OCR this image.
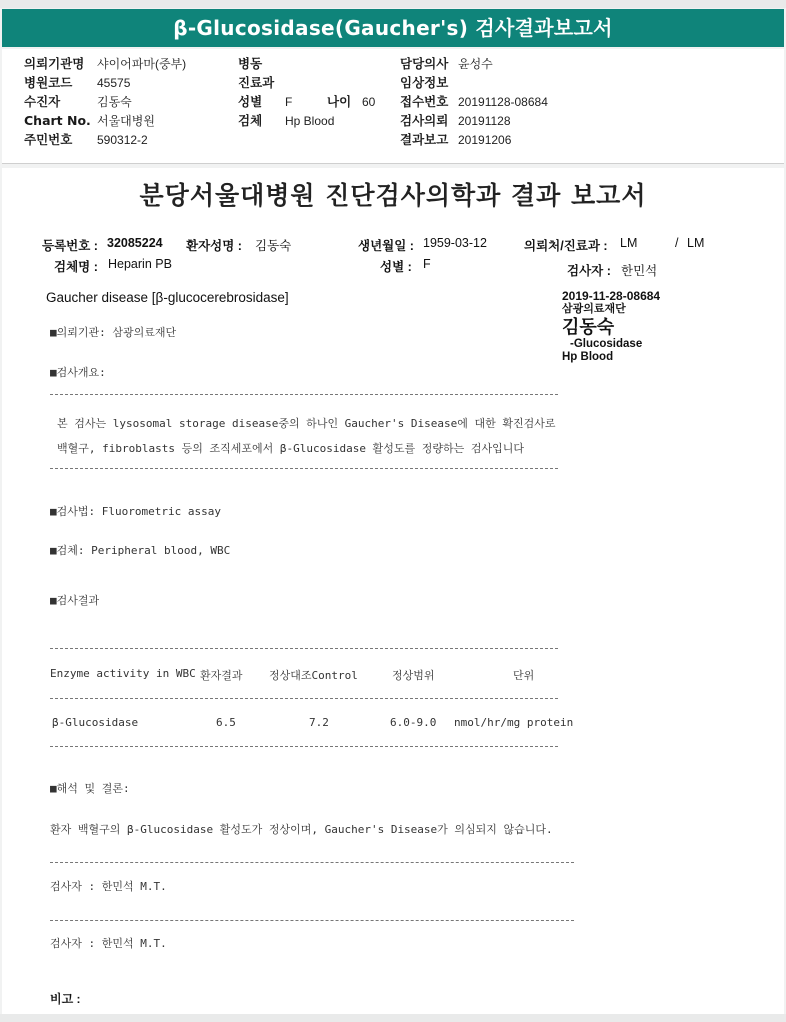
β-Glucosidase(Gaucher's) 검사결과보고서
의뢰기관명 샤이어파마(중부)
병원코드 45575
수진자	김동숙
Chart No. 서울대병원
주민번호 590312-2
병동
진료과
성별 F	나이 60
검체 Hp Blood
담당의사 윤성수
임상정보
접수번호 20191128-08684
검사의뢰 20191128
결과보고 20191206
분당서울대병원 진단검사의학과 결과 보고서
등록번호 : 32085224 환자성명 : 김동숙	생년월일 : 1959-03-12	의뢰처/진료과 : LM	/ LM
검체명 : Heparin PB	성별 : F	검사자 : 한민석
Gaucher disease [β-glucocerebrosidase]	2019-11-28-08684
삼광의료재단
김동숙
-Glucosidase
Hp Blood
■의뢰기관: 삼광의료재단
■검사개요:
본 검사는 lysosomal storage disease중의 하나인 Gaucher's Disease에 대한 확진검사로
백혈구, fibroblasts 등의 조직세포에서 β-Glucosidase 활성도를 정량하는 검사입니다
■검사법: Fluorometric assay
■검체: Peripheral blood, WBC
■검사결과
Enzyme activity in WBC 환자결과 정상대조Control	정상범위	단위
β-Glucosidase	6.5	7.2	6.0-9.0 nmol/hr/mg protein
■해석 및 결론:
환자 백혈구의 β-Glucosidase 활성도가 정상이며, Gaucher's Disease가 의심되지 않습니다.
검사자 : 한민석 M.T.
검사자 : 한민석 M.T.
비고 :
